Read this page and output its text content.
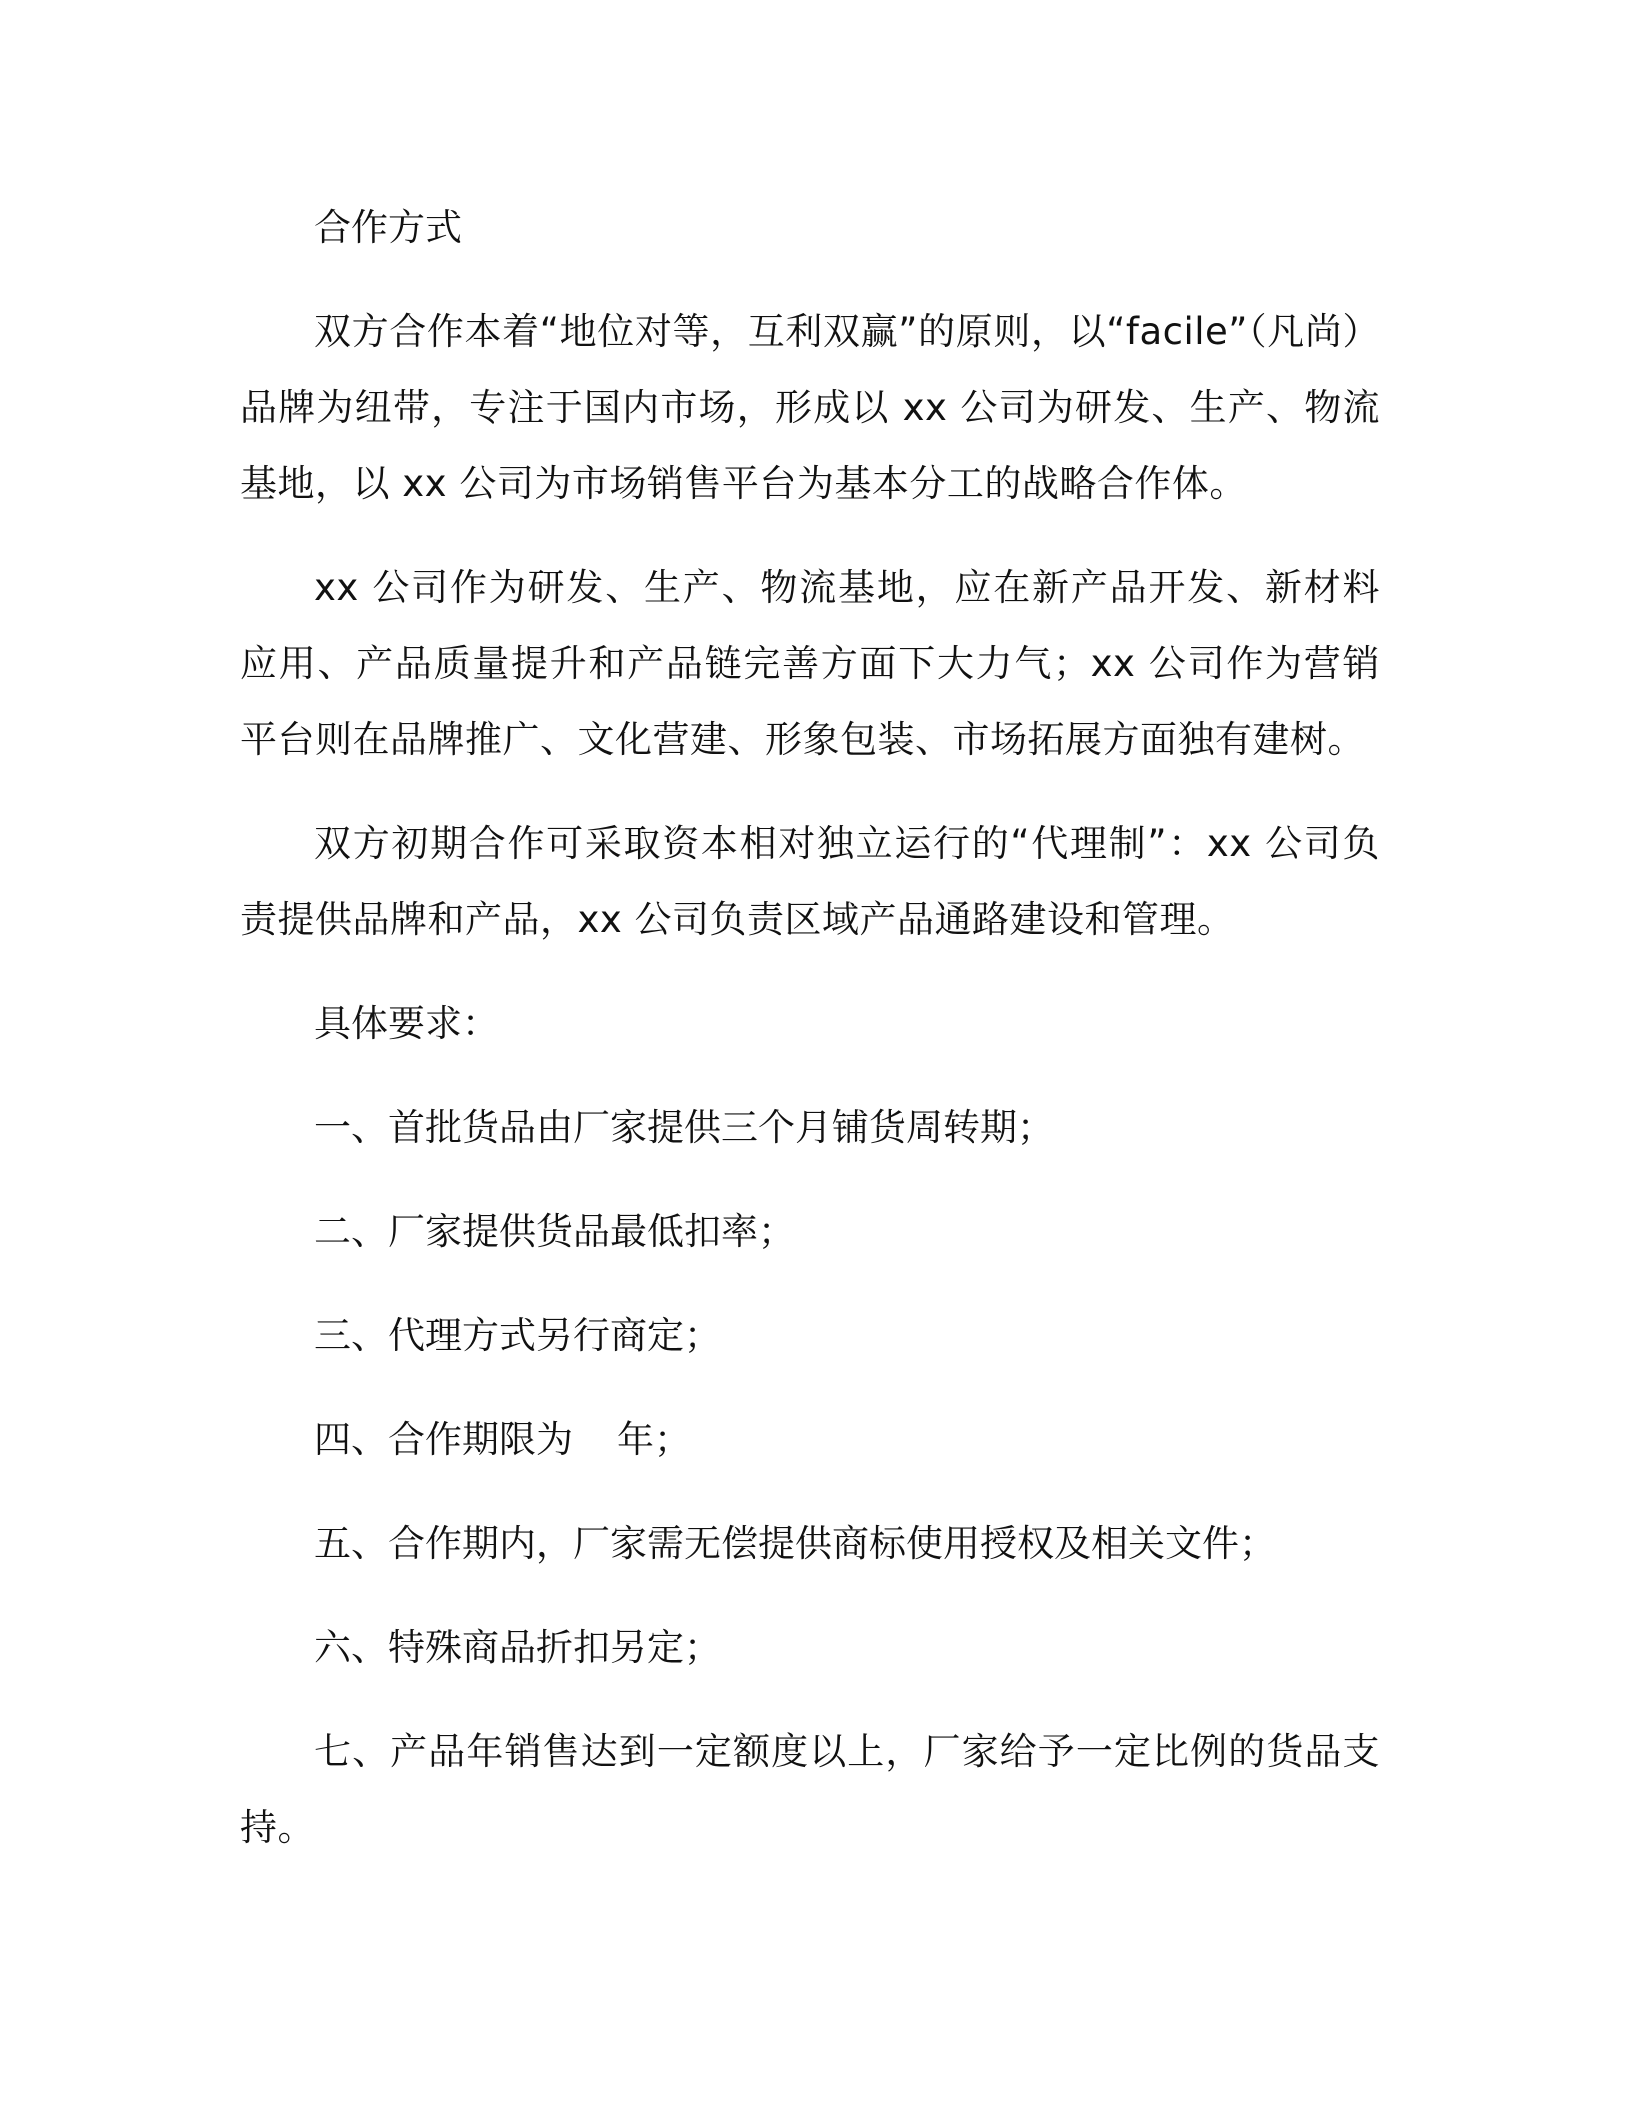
合作方式

双方合作本着“地位对等，互利双赢”的原则，以“facile”（凡尚）品牌为纽带，专注于国内市场，形成以 xx 公司为研发、生产、物流基地，以 xx 公司为市场销售平台为基本分工的战略合作体。

xx 公司作为研发、生产、物流基地，应在新产品开发、新材料应用、产品质量提升和产品链完善方面下大力气；xx 公司作为营销平台则在品牌推广、文化营建、形象包装、市场拓展方面独有建树。

双方初期合作可采取资本相对独立运行的“代理制”：xx 公司负责提供品牌和产品，xx 公司负责区域产品通路建设和管理。

具体要求：

一、首批货品由厂家提供三个月铺货周转期；

二、厂家提供货品最低扣率；

三、代理方式另行商定；

四、合作期限为 年；

五、合作期内，厂家需无偿提供商标使用授权及相关文件；

六、特殊商品折扣另定；

七、产品年销售达到一定额度以上，厂家给予一定比例的货品支持。
